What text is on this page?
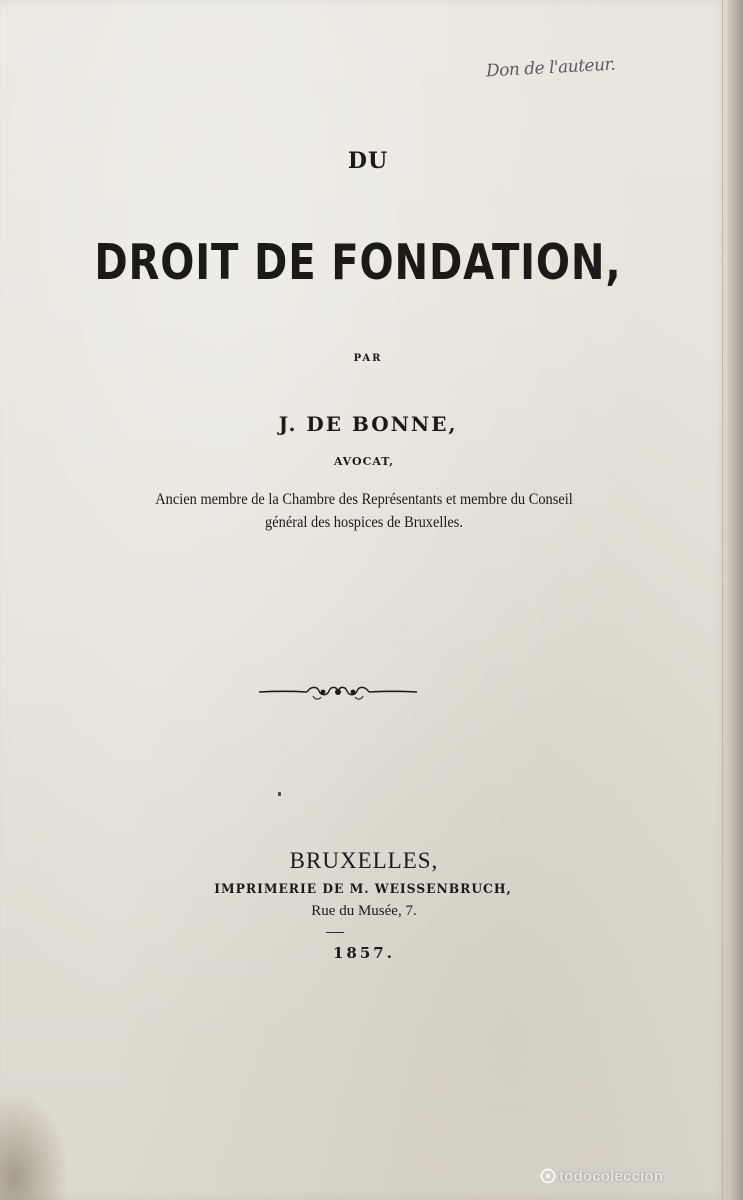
Don de l'auteur.
DU
DROIT DE FONDATION,
PAR
J. DE BONNE,
AVOCAT,
Ancien membre de la Chambre des Représentants et membre du Conseil
général des hospices de Bruxelles.
BRUXELLES,
IMPRIMERIE DE M. WEISSENBRUCH,
Rue du Musée, 7.
1857.
todocoleccion
